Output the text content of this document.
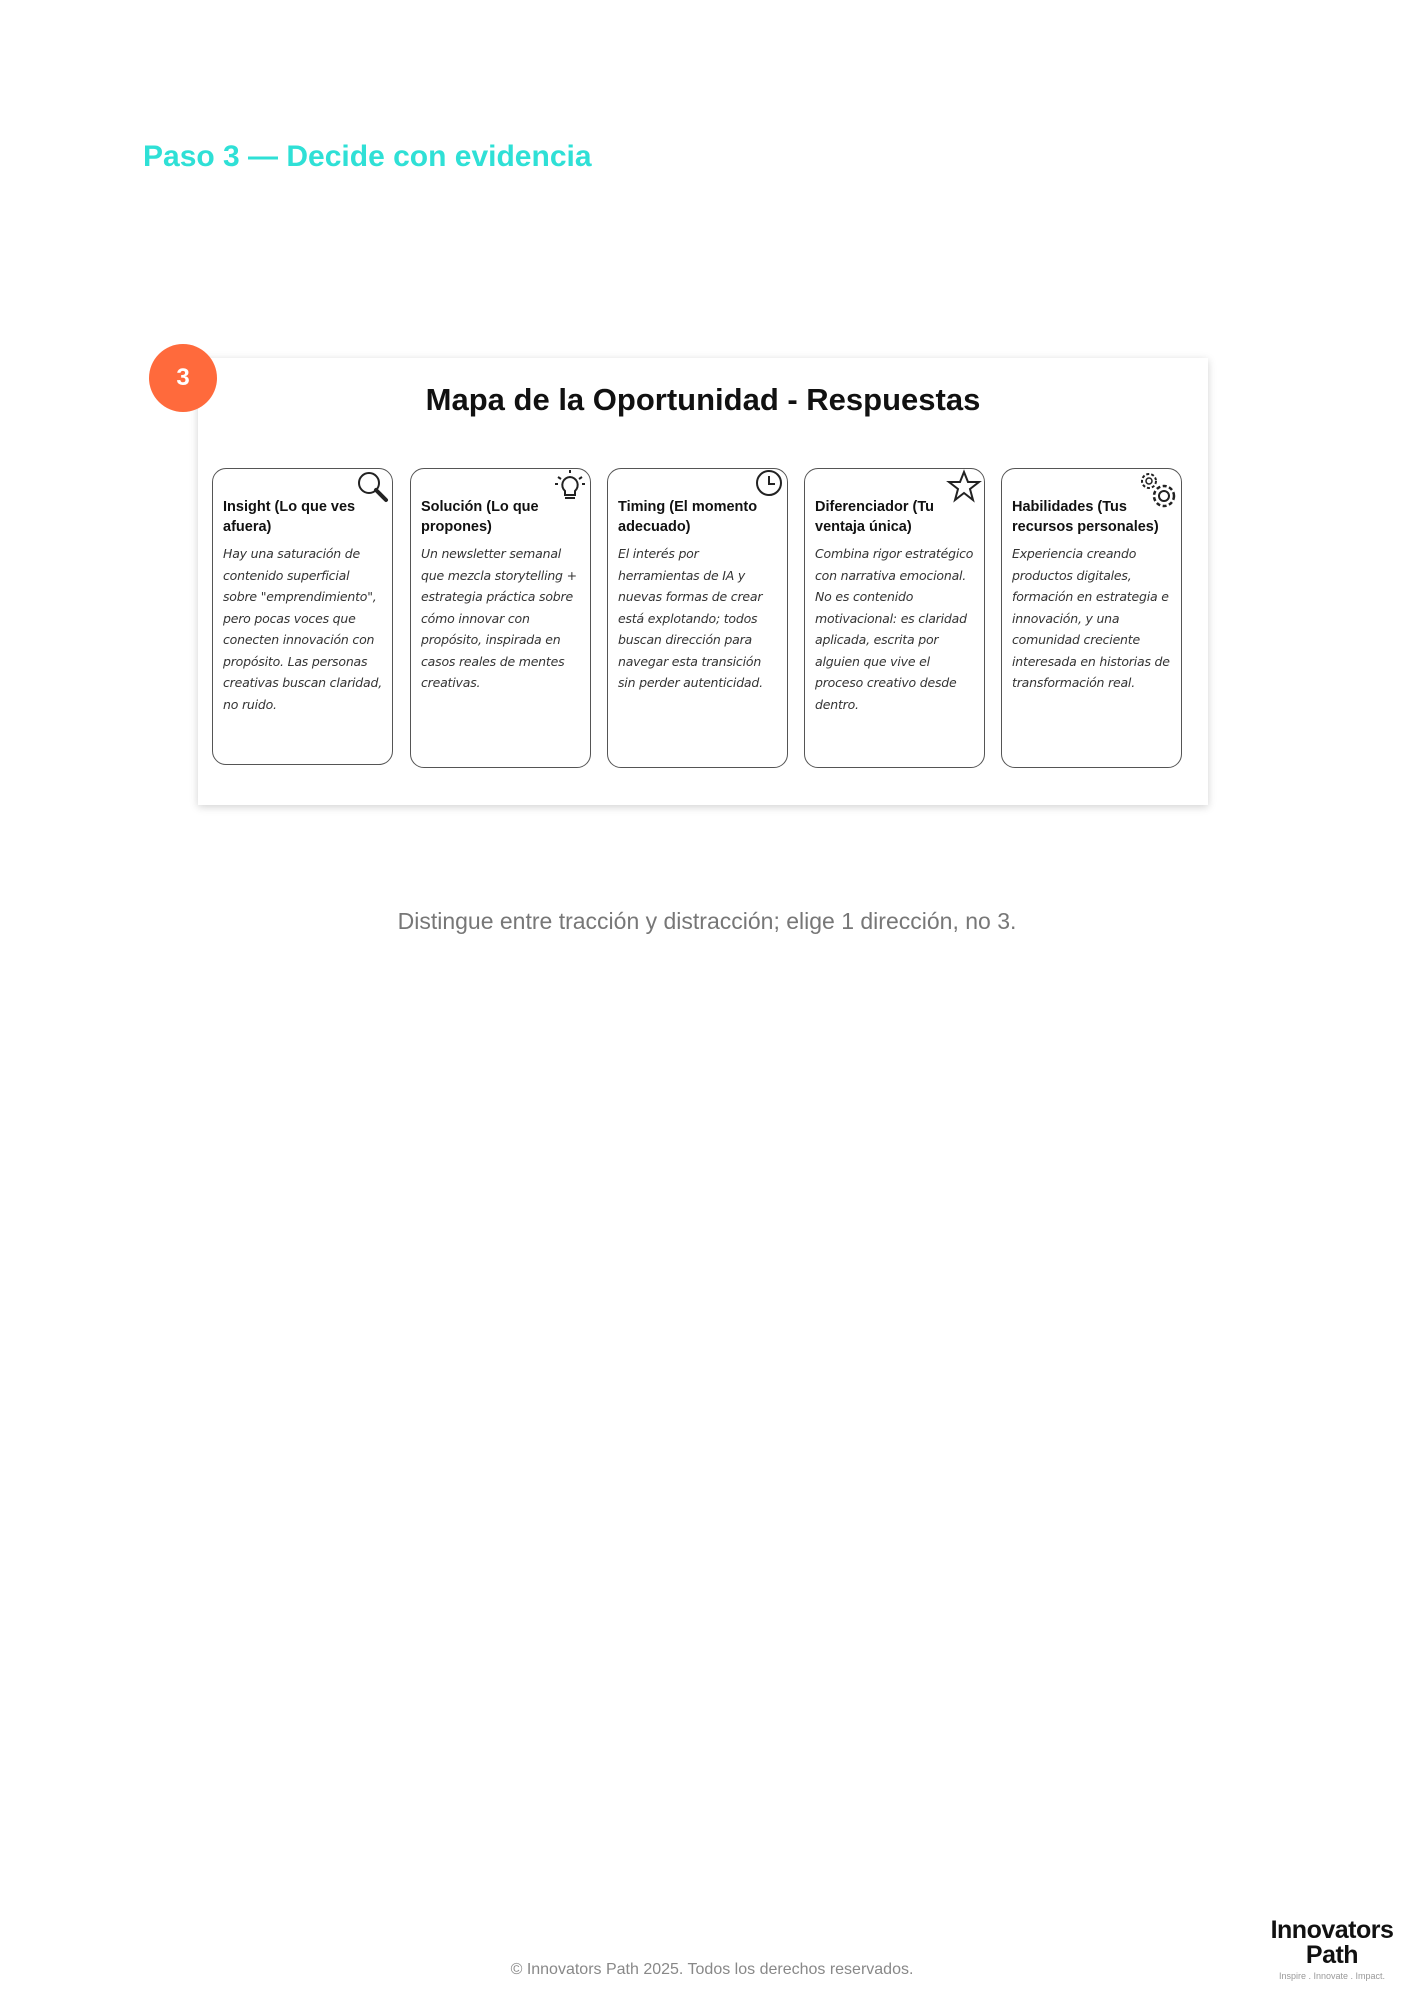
Paso 3 — Decide con evidencia
3
Mapa de la Oportunidad - Respuestas
Insight (Lo que ves afuera)

Hay una saturación de contenido superficial sobre "emprendimiento", pero pocas voces que conecten innovación con propósito. Las personas creativas buscan claridad, no ruido.

Solución (Lo que propones)

Un newsletter semanal que mezcla storytelling + estrategia práctica sobre cómo innovar con propósito, inspirada en casos reales de mentes creativas.

Timing (El momento adecuado)

El interés por herramientas de IA y nuevas formas de crear está explotando; todos buscan dirección para navegar esta transición sin perder autenticidad.

Diferenciador (Tu ventaja única)

Combina rigor estratégico con narrativa emocional. No es contenido motivacional: es claridad aplicada, escrita por alguien que vive el proceso creativo desde dentro.

Habilidades (Tus recursos personales)

Experiencia creando productos digitales, formación en estrategia e innovación, y una comunidad creciente interesada en historias de transformación real.

Distingue entre tracción y distracción; elige 1 dirección, no 3.
© Innovators Path 2025. Todos los derechos reservados.
Innovators
Path
Inspire . Innovate . Impact.
